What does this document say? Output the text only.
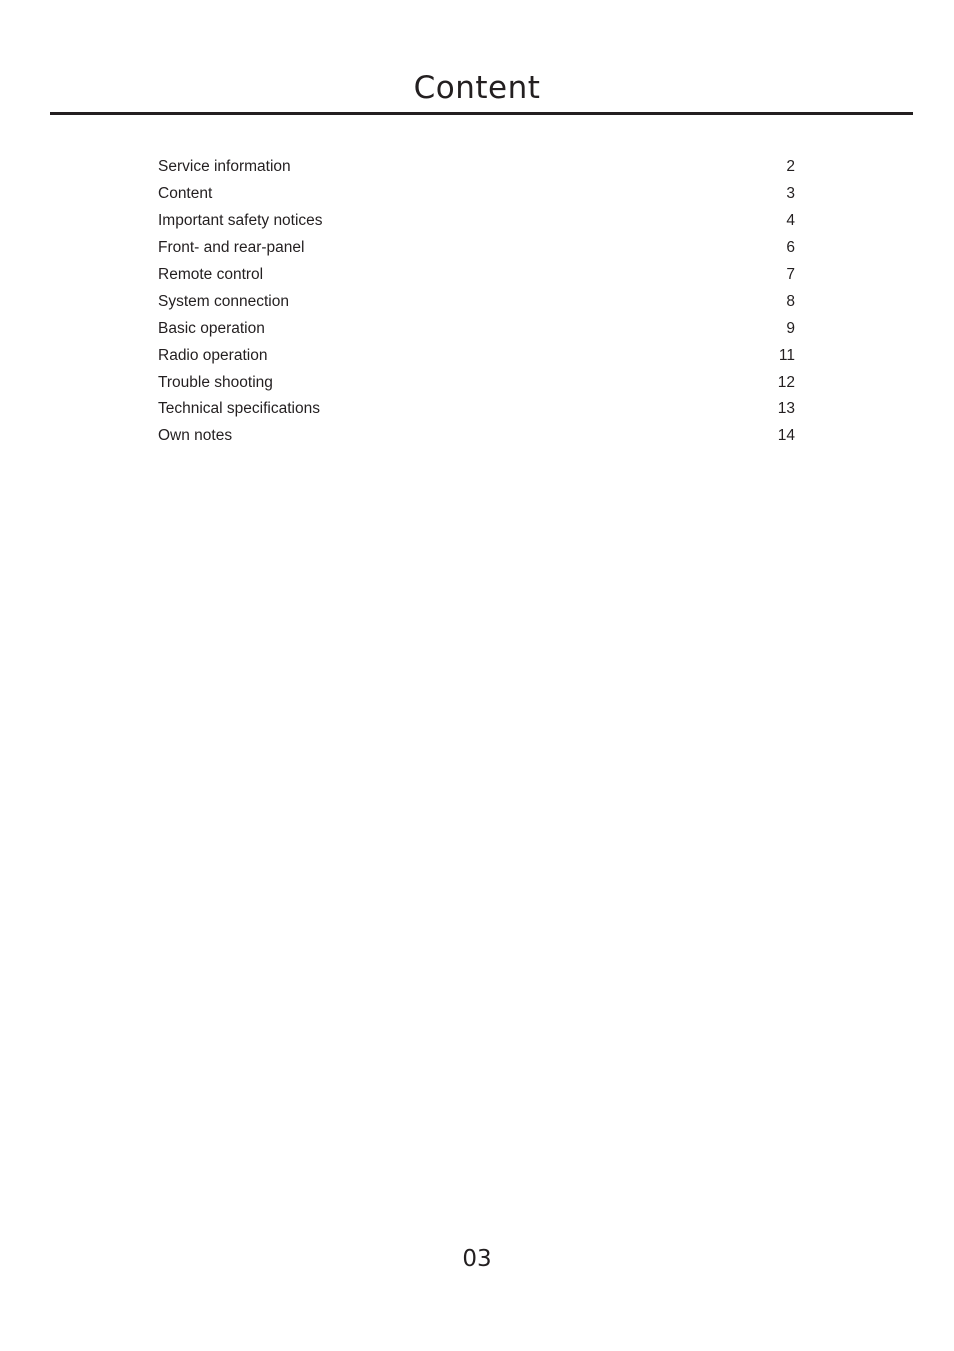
Content
Service information	2
Content	3
Important safety notices	4
Front- and rear-panel	6
Remote control	7
System connection	8
Basic operation	9
Radio operation	11
Trouble shooting	12
Technical specifications	13
Own notes	14
03
